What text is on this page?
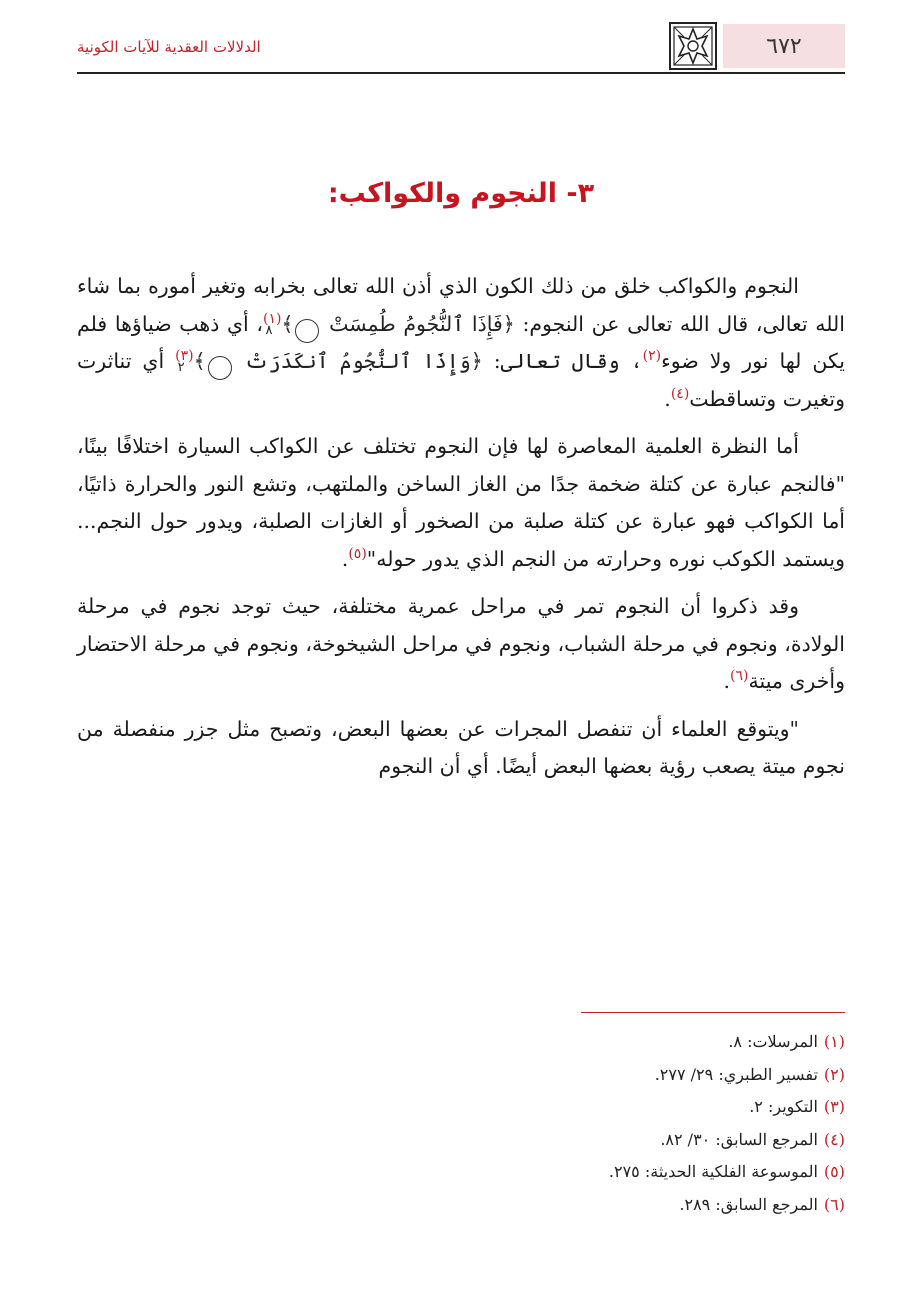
٦٧٢
الدلالات العقدية للآيات الكونية
٣- النجوم والكواكب:

النجوم والكواكب خلق من ذلك الكون الذي أذن الله تعالى بخرابه وتغير أموره بما شاء الله تعالى، قال الله تعالى عن النجوم: ﴿فَإِذَا ٱلنُّجُومُ طُمِسَتْ ٨ ﴾$^{(١)}$، أي ذهب ضياؤها فلم يكن لها نور ولا ضوء$^{(٢)}$، وقال تعالى: ﴿وَإِذَا ٱلنُّجُومُ ٱنكَدَرَتْ ٢ ﴾$^{(٣)}$ أي تناثرت وتغيرت وتساقطت$^{(٤)}$.

أما النظرة العلمية المعاصرة لها فإن النجوم تختلف عن الكواكب السيارة اختلافًا بينًا، "فالنجم عبارة عن كتلة ضخمة جدًا من الغاز الساخن والملتهب، وتشع النور والحرارة ذاتيًا، أما الكواكب فهو عبارة عن كتلة صلبة من الصخور أو الغازات الصلبة، ويدور حول النجم... ويستمد الكوكب نوره وحرارته من النجم الذي يدور حوله"$^{(٥)}$.

وقد ذكروا أن النجوم تمر في مراحل عمرية مختلفة، حيث توجد نجوم في مرحلة الولادة، ونجوم في مرحلة الشباب، ونجوم في مراحل الشيخوخة، ونجوم في مرحلة الاحتضار وأخرى ميتة$^{(٦)}$.

"ويتوقع العلماء أن تنفصل المجرات عن بعضها البعض، وتصبح مثل جزر منفصلة من نجوم ميتة يصعب رؤية بعضها البعض أيضًا. أي أن النجوم

(١)المرسلات: ٨.
(٢)تفسير الطبري: ٢٩/ ٢٧٧.
(٣)التكوير: ٢.
(٤)المرجع السابق: ٣٠/ ٨٢.
(٥)الموسوعة الفلكية الحديثة: ٢٧٥.
(٦)المرجع السابق: ٢٨٩.
